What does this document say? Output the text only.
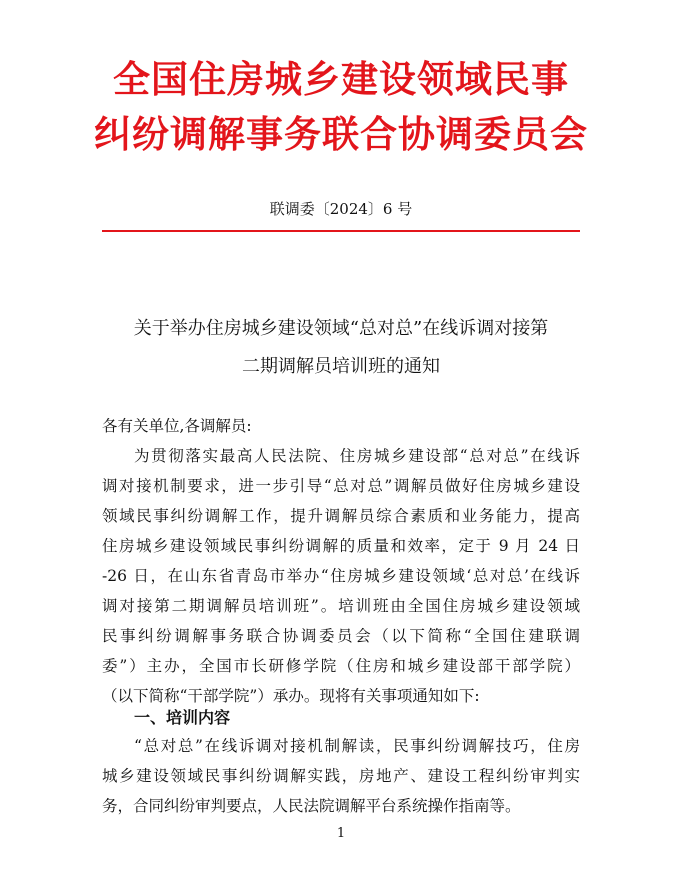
全国住房城乡建设领域民事
纠纷调解事务联合协调委员会
联调委〔2024〕6 号
关于举办住房城乡建设领域“总对总”在线诉调对接第
二期调解员培训班的通知
各有关单位,各调解员:
为贯彻落实最高人民法院、住房城乡建设部“总对总”在线诉
调对接机制要求，进一步引导“总对总”调解员做好住房城乡建设
领域民事纠纷调解工作，提升调解员综合素质和业务能力，提高
住房城乡建设领域民事纠纷调解的质量和效率，定于 9 月 24 日
-26 日，在山东省青岛市举办“住房城乡建设领域‘总对总’在线诉
调对接第二期调解员培训班”。培训班由全国住房城乡建设领域
民事纠纷调解事务联合协调委员会（以下简称“全国住建联调
委”）主办，全国市长研修学院（住房和城乡建设部干部学院）
（以下简称“干部学院”）承办。现将有关事项通知如下:
一、培训内容
“总对总”在线诉调对接机制解读，民事纠纷调解技巧，住房
城乡建设领域民事纠纷调解实践，房地产、建设工程纠纷审判实
务，合同纠纷审判要点，人民法院调解平台系统操作指南等。
1
